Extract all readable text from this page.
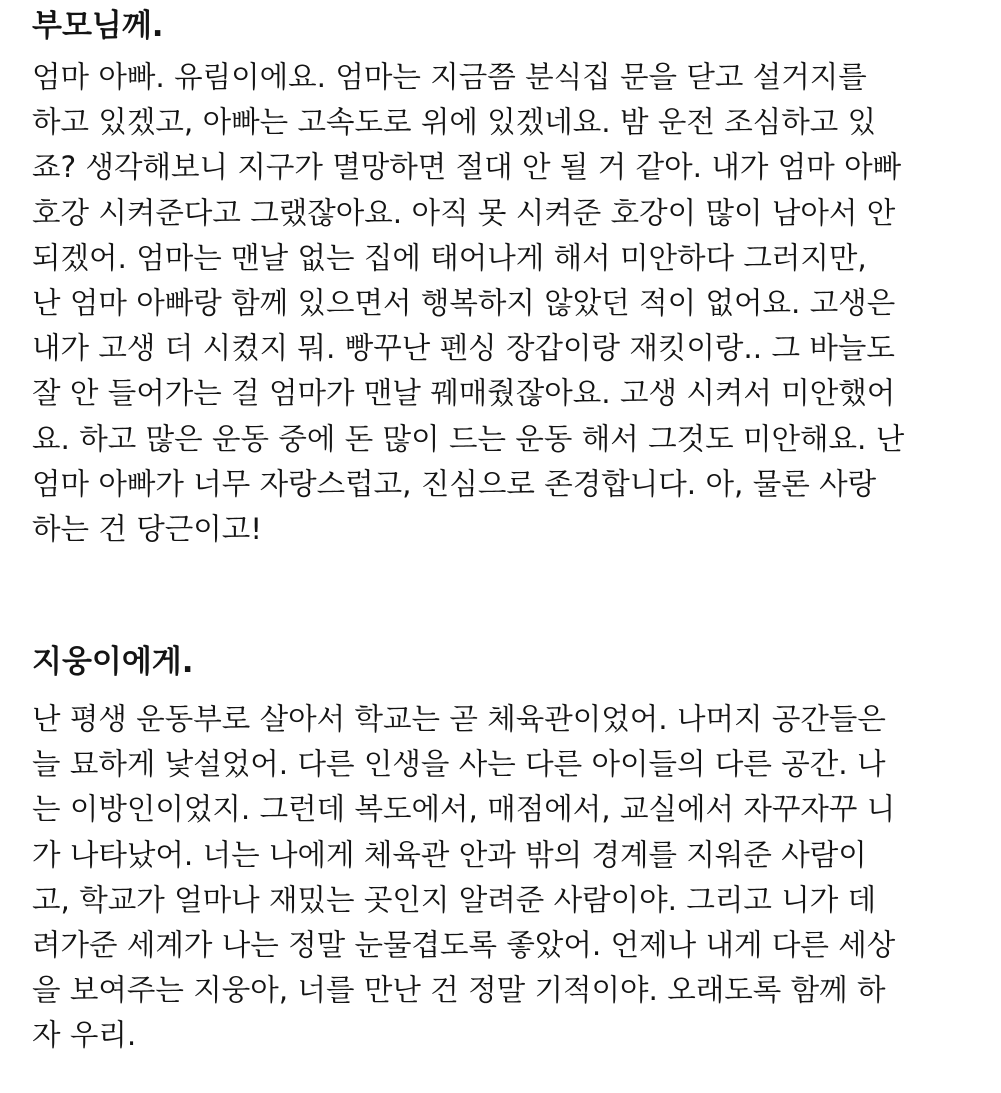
부모님께.
엄마 아빠. 유림이에요. 엄마는 지금쯤 분식집 문을 닫고 설거지를
하고 있겠고, 아빠는 고속도로 위에 있겠네요. 밤 운전 조심하고 있
죠? 생각해보니 지구가 멸망하면 절대 안 될 거 같아. 내가 엄마 아빠
호강 시켜준다고 그랬잖아요. 아직 못 시켜준 호강이 많이 남아서 안
되겠어. 엄마는 맨날 없는 집에 태어나게 해서 미안하다 그러지만,
난 엄마 아빠랑 함께 있으면서 행복하지 않았던 적이 없어요. 고생은
내가 고생 더 시켰지 뭐. 빵꾸난 펜싱 장갑이랑 재킷이랑.. 그 바늘도
잘 안 들어가는 걸 엄마가 맨날 꿰매줬잖아요. 고생 시켜서 미안했어
요. 하고 많은 운동 중에 돈 많이 드는 운동 해서 그것도 미안해요. 난
엄마 아빠가 너무 자랑스럽고, 진심으로 존경합니다. 아, 물론 사랑
하는 건 당근이고!
지웅이에게.
난 평생 운동부로 살아서 학교는 곧 체육관이었어. 나머지 공간들은
늘 묘하게 낯설었어. 다른 인생을 사는 다른 아이들의 다른 공간. 나
는 이방인이었지. 그런데 복도에서, 매점에서, 교실에서 자꾸자꾸 니
가 나타났어. 너는 나에게 체육관 안과 밖의 경계를 지워준 사람이
고, 학교가 얼마나 재밌는 곳인지 알려준 사람이야. 그리고 니가 데
려가준 세계가 나는 정말 눈물겹도록 좋았어. 언제나 내게 다른 세상
을 보여주는 지웅아, 너를 만난 건 정말 기적이야. 오래도록 함께 하
자 우리.
